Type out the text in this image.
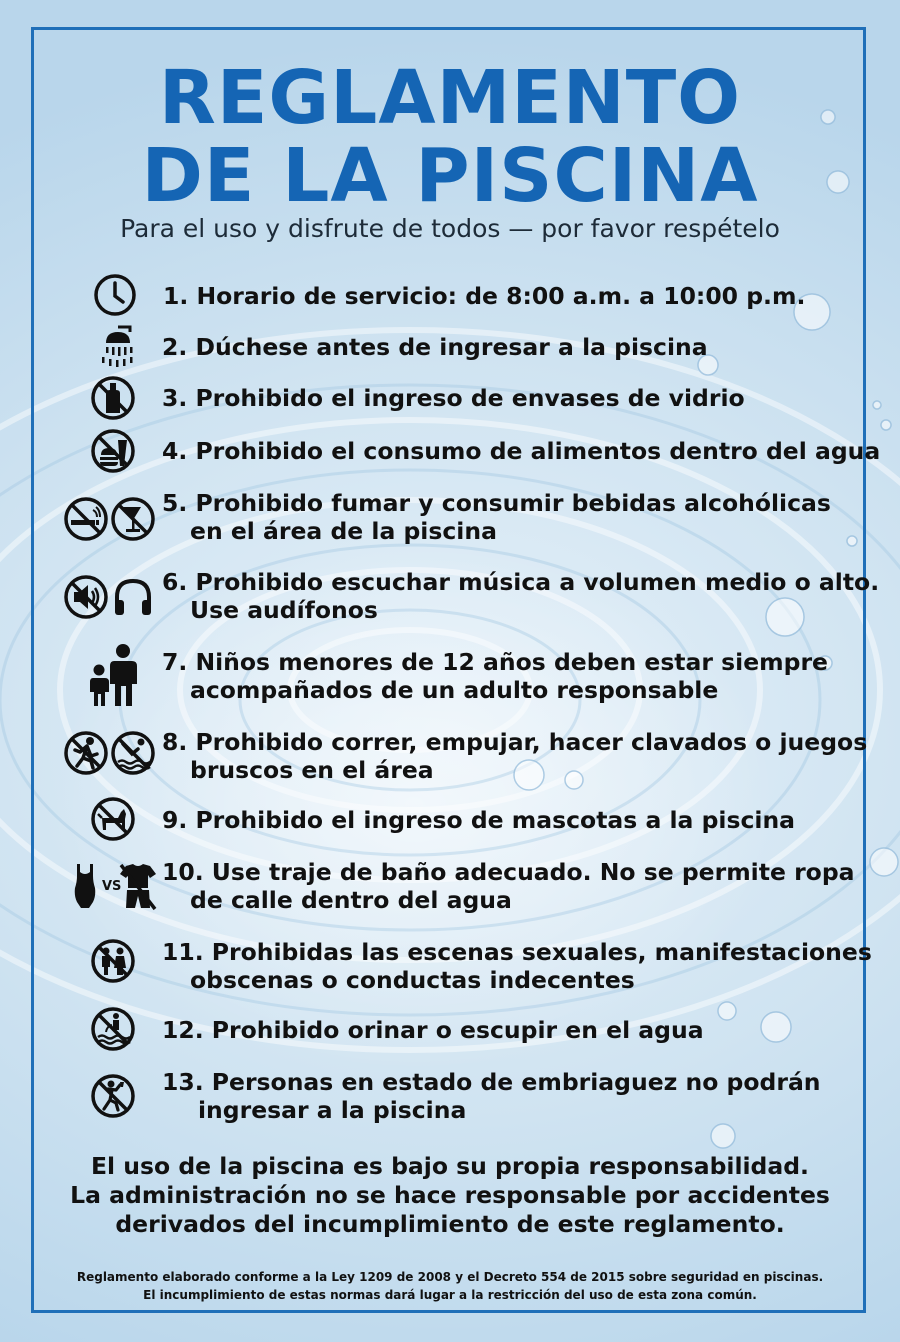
REGLAMENTO
DE LA PISCINA
Para el uso y disfrute de todos — por favor respételo
1. Horario de servicio: de 8:00 a.m. a 10:00 p.m.
2. Dúchese antes de ingresar a la piscina
3. Prohibido el ingreso de envases de vidrio
4. Prohibido el consumo de alimentos dentro del agua
5. Prohibido fumar y consumir bebidas alcohólicas
en el área de la piscina
6. Prohibido escuchar música a volumen medio o alto.
Use audífonos
7. Niños menores de 12 años deben estar siempre
acompañados de un adulto responsable
8. Prohibido correr, empujar, hacer clavados o juegos
bruscos en el área
9. Prohibido el ingreso de mascotas a la piscina
VS
10. Use traje de baño adecuado. No se permite ropa
de calle dentro del agua
11. Prohibidas las escenas sexuales, manifestaciones
obscenas o conductas indecentes
12. Prohibido orinar o escupir en el agua
13. Personas en estado de embriaguez no podrán
ingresar a la piscina
El uso de la piscina es bajo su propia responsabilidad.
La administración no se hace responsable por accidentes
derivados del incumplimiento de este reglamento.
Reglamento elaborado conforme a la Ley 1209 de 2008 y el Decreto 554 de 2015 sobre seguridad en piscinas.
El incumplimiento de estas normas dará lugar a la restricción del uso de esta zona común.
